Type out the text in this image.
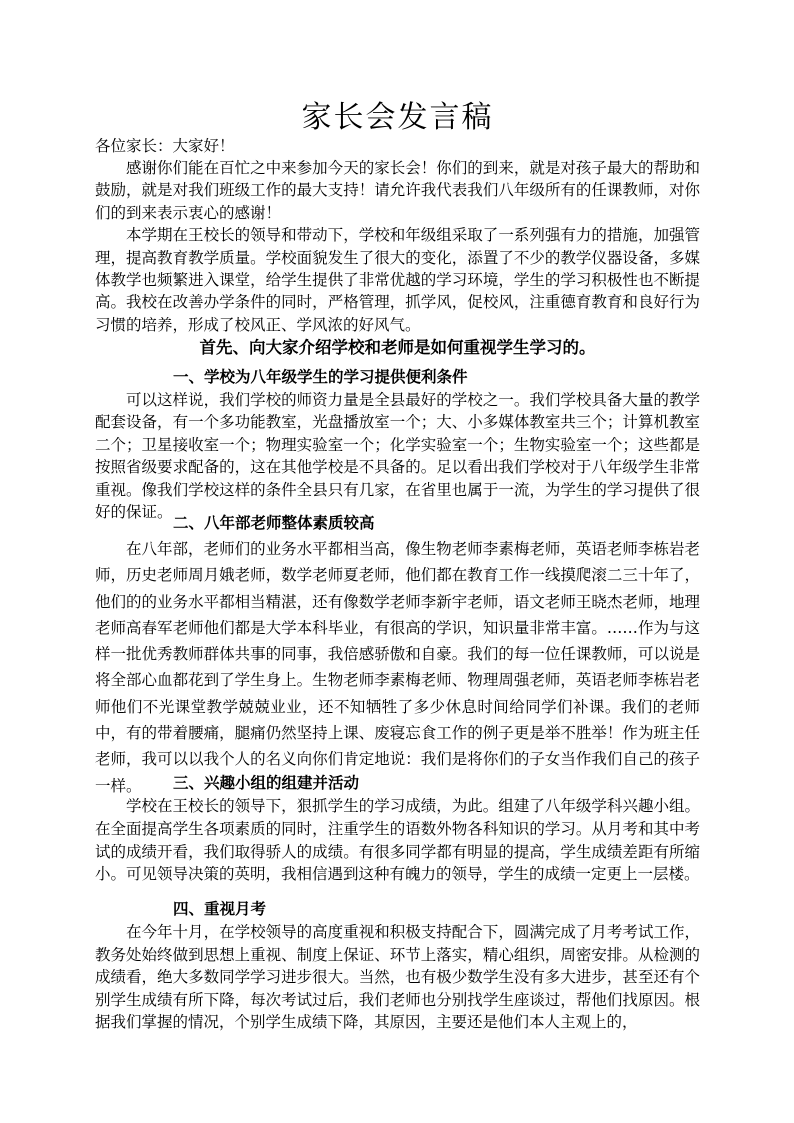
家长会发言稿
各位家长：大家好！

感谢你们能在百忙之中来参加今天的家长会！你们的到来，就是对孩子最大的帮助和鼓励，就是对我们班级工作的最大支持！请允许我代表我们八年级所有的任课教师，对你们的到来表示衷心的感谢！

本学期在王校长的领导和带动下，学校和年级组采取了一系列强有力的措施，加强管理，提高教育教学质量。学校面貌发生了很大的变化，添置了不少的教学仪器设备，多媒体教学也频繁进入课堂，给学生提供了非常优越的学习环境，学生的学习积极性也不断提高。我校在改善办学条件的同时，严格管理，抓学风，促校风，注重德育教育和良好行为习惯的培养，形成了校风正、学风浓的好风气。

首先、向大家介绍学校和老师是如何重视学生学习的。
一、学校为八年级学生的学习提供便利条件

可以这样说，我们学校的师资力量是全县最好的学校之一。我们学校具备大量的教学配套设备，有一个多功能教室，光盘播放室一个；大、小多媒体教室共三个；计算机教室二个；卫星接收室一个；物理实验室一个；化学实验室一个；生物实验室一个；这些都是按照省级要求配备的，这在其他学校是不具备的。足以看出我们学校对于八年级学生非常重视。像我们学校这样的条件全县只有几家，在省里也属于一流，为学生的学习提供了很好的保证。

二、八年部老师整体素质较高

在八年部，老师们的业务水平都相当高，像生物老师李素梅老师，英语老师李栋岩老师，历史老师周月娥老师，数学老师夏老师，他们都在教育工作一线摸爬滚二三十年了，他们的的业务水平都相当精湛，还有像数学老师李新宇老师，语文老师王晓杰老师，地理老师高春军老师他们都是大学本科毕业，有很高的学识，知识量非常丰富。……作为与这样一批优秀教师群体共事的同事，我倍感骄傲和自豪。我们的每一位任课教师，可以说是将全部心血都花到了学生身上。生物老师李素梅老师、物理周强老师，英语老师李栋岩老师他们不光课堂教学兢兢业业，还不知牺牲了多少休息时间给同学们补课。我们的老师中，有的带着腰痛，腿痛仍然坚持上课、废寝忘食工作的例子更是举不胜举！作为班主任老师，我可以以我个人的名义向你们肯定地说：我们是将你们的子女当作我们自己的孩子一样。	三、兴趣小组的组建并活动

学校在王校长的领导下，狠抓学生的学习成绩，为此。组建了八年级学科兴趣小组。在全面提高学生各项素质的同时，注重学生的语数外物各科知识的学习。从月考和其中考试的成绩开看，我们取得骄人的成绩。有很多同学都有明显的提高，学生成绩差距有所缩小。可见领导决策的英明，我相信遇到这种有魄力的领导，学生的成绩一定更上一层楼。

四、重视月考

在今年十月，在学校领导的高度重视和积极支持配合下，圆满完成了月考考试工作，教务处始终做到思想上重视、制度上保证、环节上落实，精心组织，周密安排。从检测的成绩看，绝大多数同学学习进步很大。当然，也有极少数学生没有多大进步，甚至还有个别学生成绩有所下降，每次考试过后，我们老师也分别找学生座谈过，帮他们找原因。根据我们掌握的情况，个别学生成绩下降，其原因，主要还是他们本人主观上的，
